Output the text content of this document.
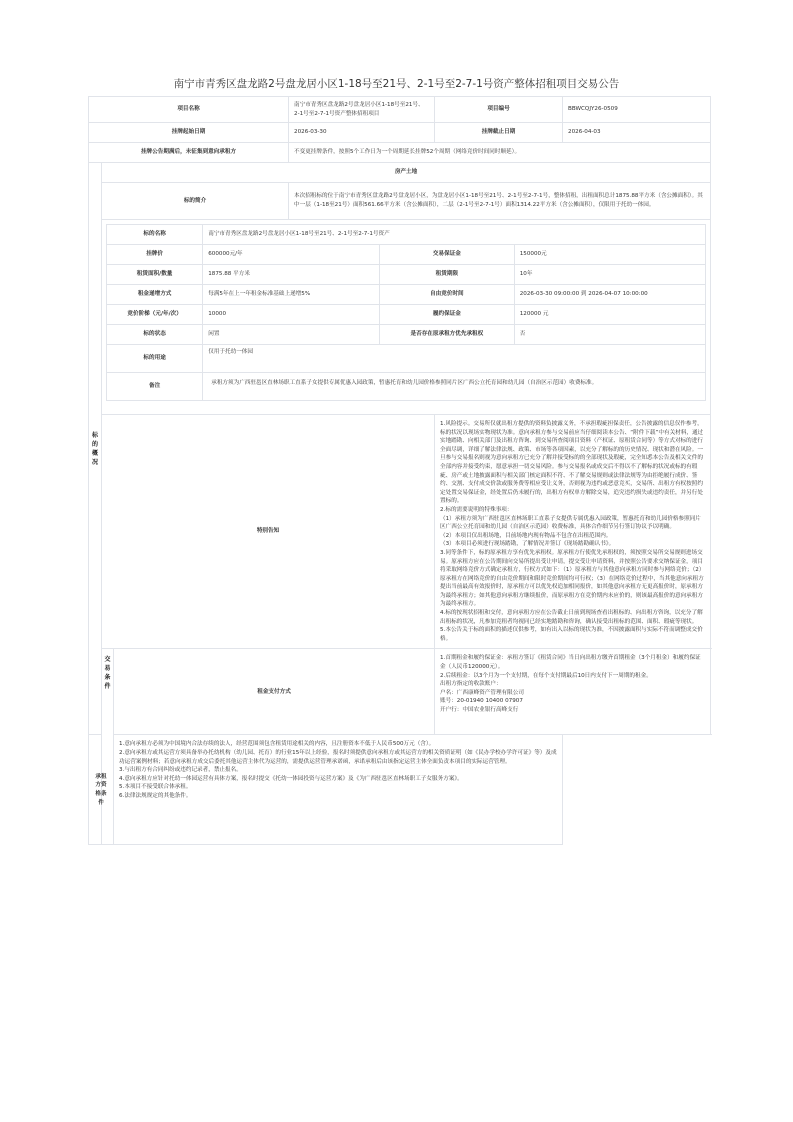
南宁市青秀区盘龙路2号盘龙居小区1-18号至21号、2-1号至2-7-1号资产整体招租项目交易公告
项目名称	南宁市青秀区盘龙路2号盘龙居小区1-18号至21号、2-1号至2-7-1号资产整体招租项目	项目编号	BBWCQJY26-0509
挂牌起始日期	2026-03-30	挂牌截止日期	2026-04-03
挂牌公告期满后，未征集到意向承租方	不变更挂牌条件，按照5个工作日为一个周期延长挂牌52个周期（网络竞价时间同时顺延）。

标
的
概
况
	房产土地
标的简介	本次招租标的位于南宁市青秀区盘龙路2号盘龙居小区，为盘龙居小区1-18号至21号、2-1号至2-7-1号，整体招租，出租面积总计1875.88平方米（含公摊面积）。其中一层（1-18至21号）面积561.66平方米（含公摊面积），二层（2-1号至2-7-1号）面积1314.22平方米（含公摊面积），仅限用于托幼一体园。

标的名称	南宁市青秀区盘龙路2号盘龙居小区1-18号至21号、2-1号至2-7-1号资产
挂牌价	600000元/年	交易保证金	150000元
租赁面积/数量	1875.88 平方米	租赁期限	10年
租金递增方式	每满5年在上一年租金标准基础上递增5%	自由竞价时间	2026-03-30 09:00:00 到 2026-04-07 10:00:00
竞价阶梯（元/年/次）	10000	履约保证金	120000 元
标的状态	闲置	是否存在原承租方优先承租权	否
标的用途	仅用于托幼一体园
备注	承租方须为广西驻邕区直林场职工直系子女提供专属优惠入园政策，暂惠托育和幼儿园价格参照同片区广西公立托育园和幼儿园（自治区示范园）收费标准。

特别告知	
1.风险提示。交易所仅就出租方提供的资料负披露义务，不承担瑕疵担保责任，公告披露的信息仅作参考，标的状况以现场实物现状为准。意向承租方参与交易前应当仔细阅读本公告、“附件下载”中有关材料，通过实地踏勘、向相关部门及出租方咨询、到交易所查阅项目资料（产权证、原租赁合同等）等方式对标的进行全面尽调，详细了解法律法规、政策、市场等各项因素，以充分了解标的的历史情况、现状和潜在风险。一旦参与交易报名则视为意向承租方已充分了解并接受标的的全部现状及瑕疵，完全知悉本公告及相关文件的全部内容并接受约束，愿意承担一切交易风险。参与交易报名或成交后不得以不了解标的状况或标的有瑕疵、房产或土地披露面积与相关部门核定面积不符、不了解交易规则或法律法规等为由拒绝履行成价、签约、交割、支付成交价款或服务费等相应受让义务，否则视为违约或恶意竞买，交易所、出租方有权按照约定处置交易保证金，经处置后仍未履行的，出租方有权单方解除交易，追究违约损失或违约责任，并另行处置标的。
2.标的需要说明的特殊事项：
（1）承租方须为广西驻邕区直林场职工直系子女提供专属优惠入园政策，暂惠托育和幼儿园价格参照同片区广西公立托育园和幼儿园（自治区示范园）收费标准，具体合作细节另行签订协议予以明确。
（2）本项目仅出租场地，目前场地内现有物品不包含在出租范围内。
（3）本项目必须进行现场踏勘，了解情况并签订《现场踏勘确认书》。
3.同等条件下，标的原承租方享有优先承租权。原承租方行使优先承租权的，须按照交易所交易规则进场交易。原承租方应在公告期间向交易所提出受让申请，提交受让申请资料，并按照公告要求交纳保证金，项目将采取网络竞价方式确定承租方，行权方式如下：（1）原承租方与其他意向承租方同时参与网络竞价；（2）原承租方在网络竞价的自由竞价期间和限时竞价期间均可行权；（3）在网络竞价过程中，当其他意向承租方提出当前最高有效报价时，原承租方可以优先权追加相同报价，如其他意向承租方无更高报价时，原承租方为最终承租方；如其他意向承租方继续报价，而原承租方在竞价期内未应价的，则该最高报价的意向承租方为最终承租方。
4.标的按现状招租和交付，意向承租方应在公告截止日前到现场查看出租标的、向出租方咨询，以充分了解出租标的状况，凡参加竞租者均视同已经实地踏勘和咨询，确认接受出租标的范围、面积、瑕疵等现状。
5.本公告关于标的面积的描述仅供参考，如有出入以标的现状为准，不因披露面积与实际不符而调整成交价格。

交
易
条
件
	租金支付方式	
1.首期租金和履约保证金：承租方签订《租赁合同》当日向出租方缴齐首期租金（3个月租金）和履约保证金（人民币120000元）。
2.后续租金：以3个月为一个支付期，在每个支付期最后10日内支付下一周期的租金。
出租方指定的收款账户：
户名：广西康峰资产管理有限公司
账号：20-01940 10400 07907
开户行：中国农业银行高峰支行

承租方资格条件	
1.意向承租方必须为中国境内合法存续的法人，经营范围须包含租赁用途相关的内容，且注册资本不低于人民币500万元（含）。
2.意向承租方或其运营方须具备举办托幼机构（幼儿园、托育）的行业15年以上经验，报名时须提供意向承租方或其运营方的相关资质证明（如《民办学校办学许可证》等）及成功运营案例材料；若意向承租方成交后委托其他运营主体代为运营的，需提供运营管理承诺函，承诺承租后由该指定运营主体全面负责本项目的实际运营管理。
3.与出租方有合同纠纷或违约记录者，禁止报名。
4.意向承租方应针对托幼一体园运营有具体方案，报名时提交《托幼一体园投资与运营方案》及《为广西驻邕区直林场职工子女服务方案》。
5.本项目不接受联合体承租。
6.法律法规规定的其他条件。
